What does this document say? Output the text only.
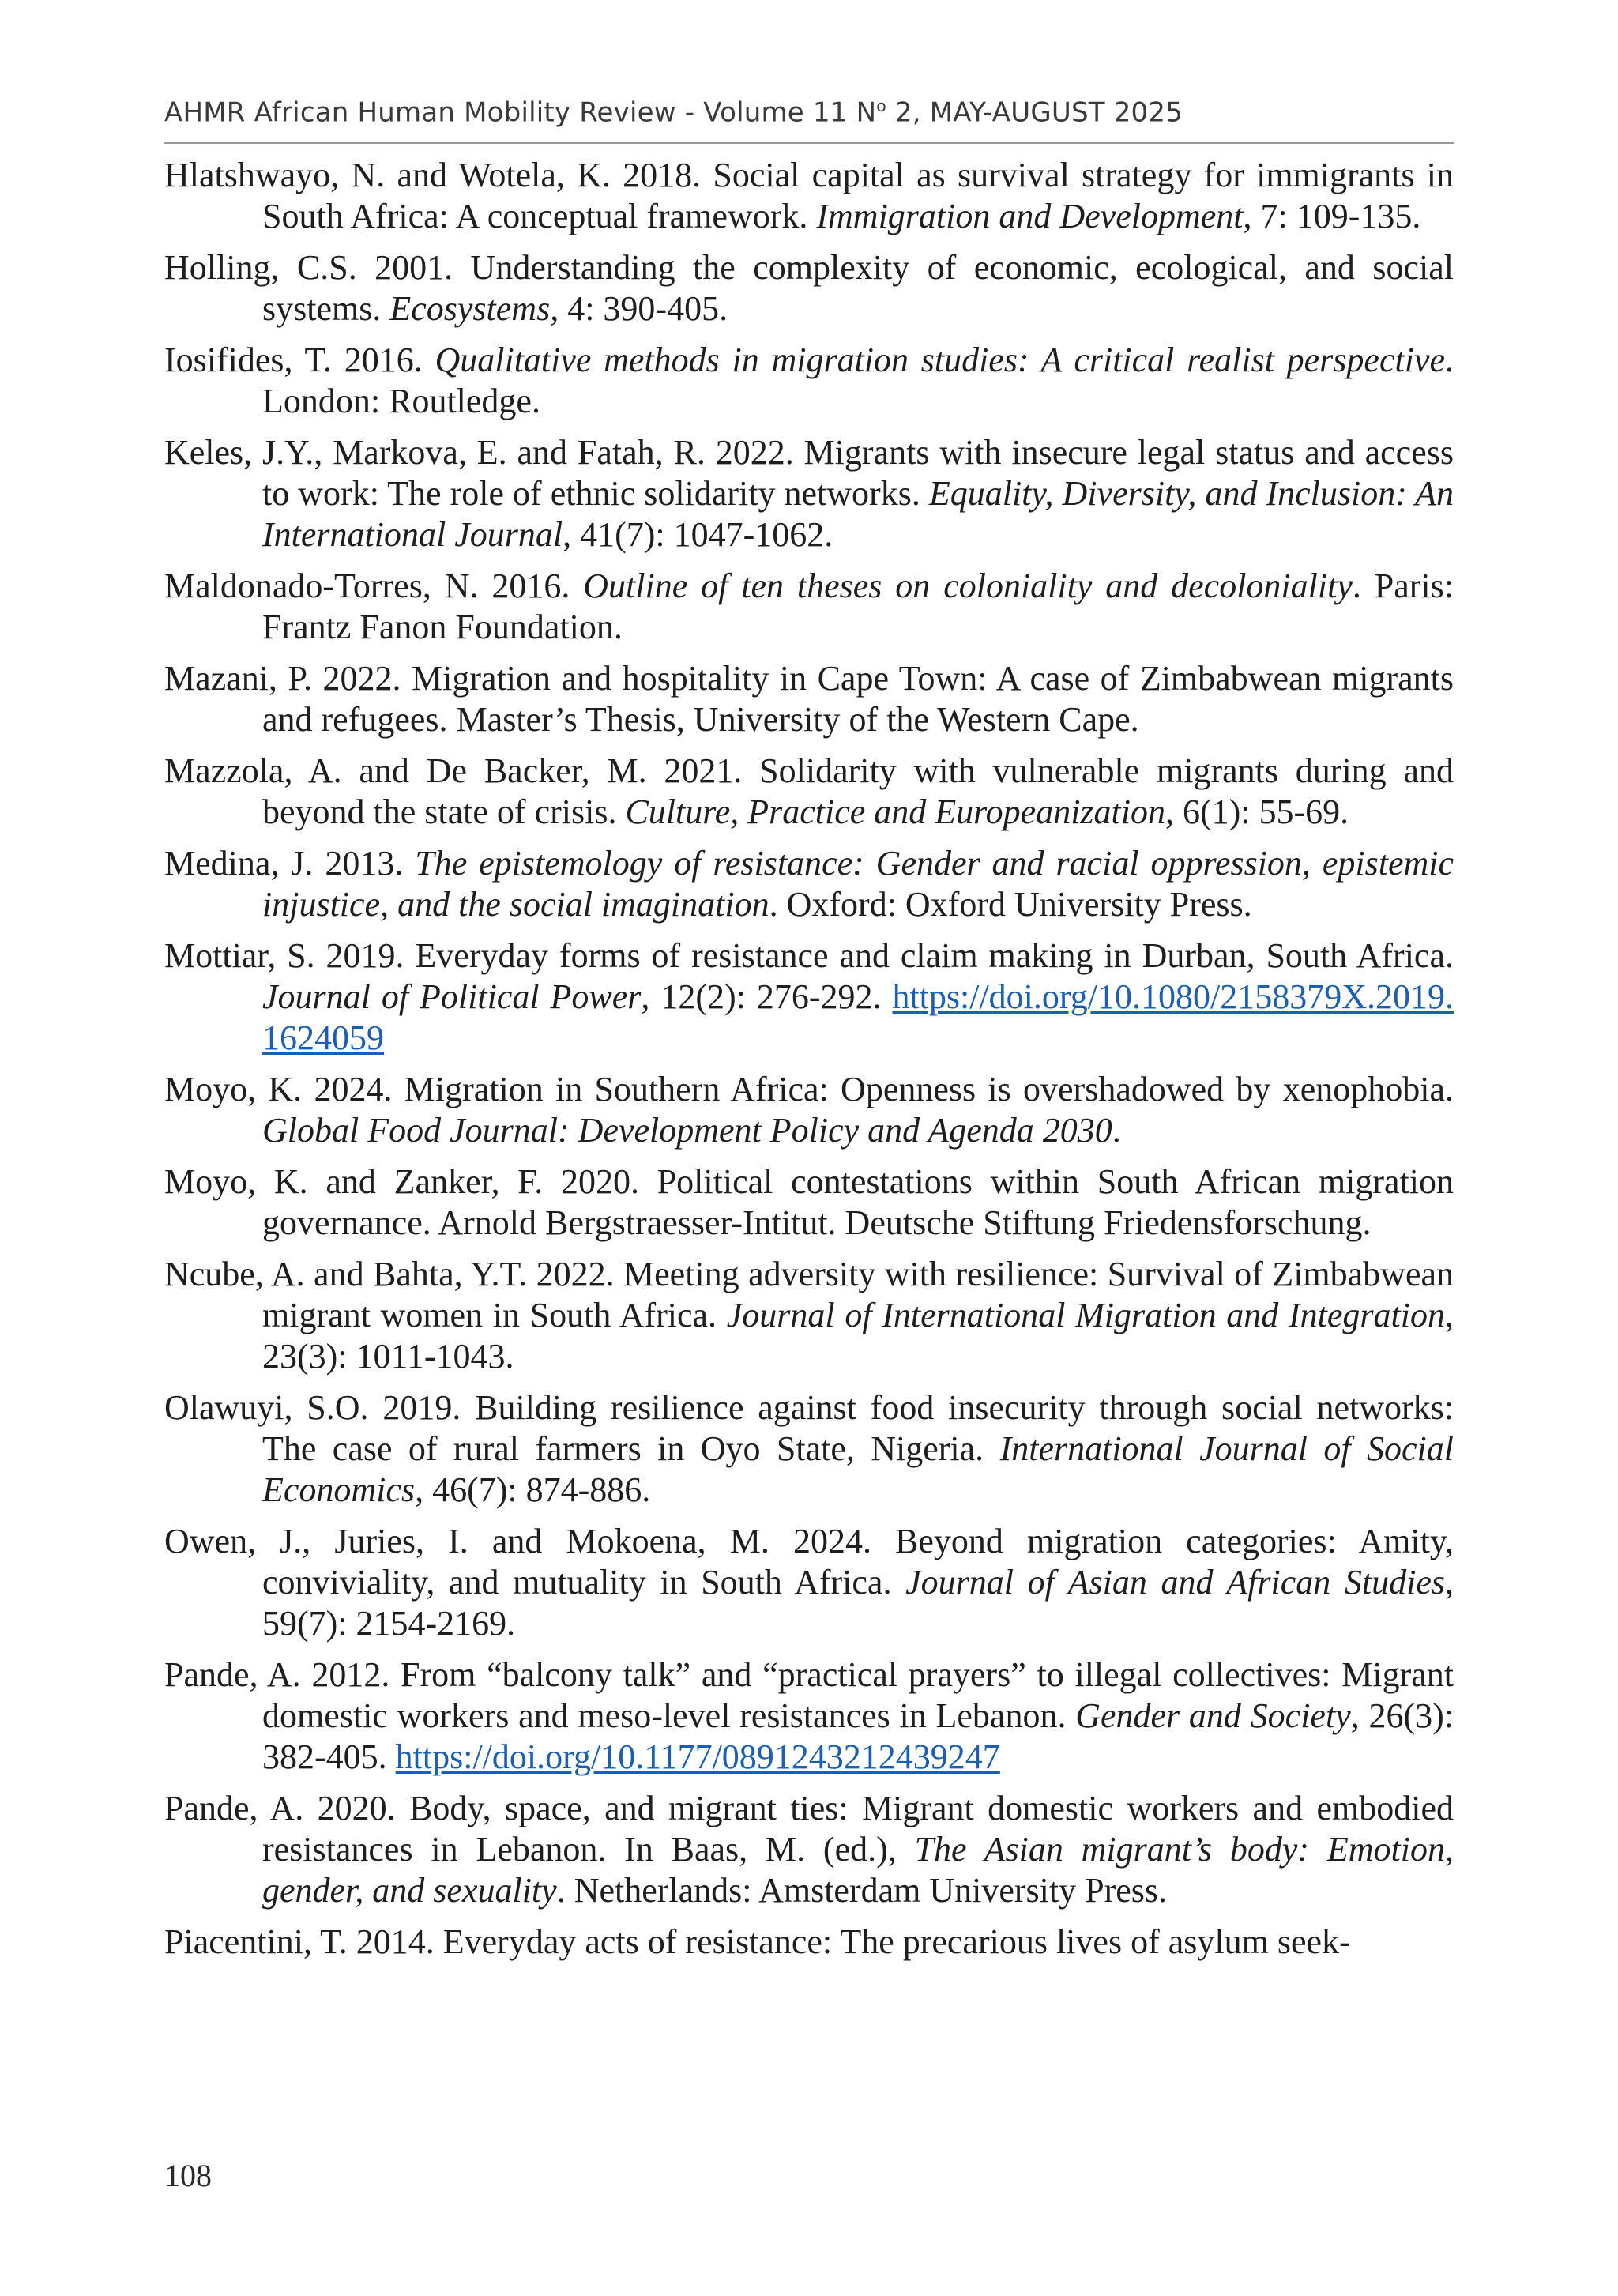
AHMR African Human Mobility Review - Volume 11 $N^o$ 2, MAY-AUGUST 2025

Hlatshwayo, N. and Wotela, K. 2018. Social capital as survival strategy for immigrants in South Africa: A conceptual framework. Immigration and Development, 7: 109-135.

Holling, C.S. 2001. Understanding the complexity of economic, ecological, and social systems. Ecosystems, 4: 390-405.

Iosifides, T. 2016. Qualitative methods in migration studies: A critical realist perspective. London: Routledge.

Keles, J.Y., Markova, E. and Fatah, R. 2022. Migrants with insecure legal status and access to work: The role of ethnic solidarity networks. Equality, Diversity, and Inclusion: An International Journal, 41(7): 1047-1062.

Maldonado-Torres, N. 2016. Outline of ten theses on coloniality and decoloniality. Paris: Frantz Fanon Foundation.

Mazani, P. 2022. Migration and hospitality in Cape Town: A case of Zimbabwean migrants and refugees. Master’s Thesis, University of the Western Cape.

Mazzola, A. and De Backer, M. 2021. Solidarity with vulnerable migrants during and beyond the state of crisis. Culture, Practice and Europeanization, 6(1): 55-69.

Medina, J. 2013. The epistemology of resistance: Gender and racial oppression, epistemic injustice, and the social imagination. Oxford: Oxford University Press.

Mottiar, S. 2019. Everyday forms of resistance and claim making in Durban, South Africa. Journal of Political Power, 12(2): 276-292. https://doi.org/10.1080/2158379X.2019.1624059

Moyo, K. 2024. Migration in Southern Africa: Openness is overshadowed by xenophobia. Global Food Journal: Development Policy and Agenda 2030.

Moyo, K. and Zanker, F. 2020. Political contestations within South African migration governance. Arnold Bergstraesser-Intitut. Deutsche Stiftung Friedensforschung.

Ncube, A. and Bahta, Y.T. 2022. Meeting adversity with resilience: Survival of Zimbabwean migrant women in South Africa. Journal of International Migration and Integration, 23(3): 1011-1043.

Olawuyi, S.O. 2019. Building resilience against food insecurity through social networks: The case of rural farmers in Oyo State, Nigeria. International Journal of Social Economics, 46(7): 874-886.

Owen, J., Juries, I. and Mokoena, M. 2024. Beyond migration categories: Amity, conviviality, and mutuality in South Africa. Journal of Asian and African Studies, 59(7): 2154-2169.

Pande, A. 2012. From “balcony talk” and “practical prayers” to illegal collectives: Migrant domestic workers and meso-level resistances in Lebanon. Gender and Society, 26(3): 382-405. https://doi.org/10.1177/0891243212439247

Pande, A. 2020. Body, space, and migrant ties: Migrant domestic workers and embodied resistances in Lebanon. In Baas, M. (ed.), The Asian migrant’s body: Emotion, gender, and sexuality. Netherlands: Amsterdam University Press.

Piacentini, T. 2014. Everyday acts of resistance: The precarious lives of asylum seek-

108
